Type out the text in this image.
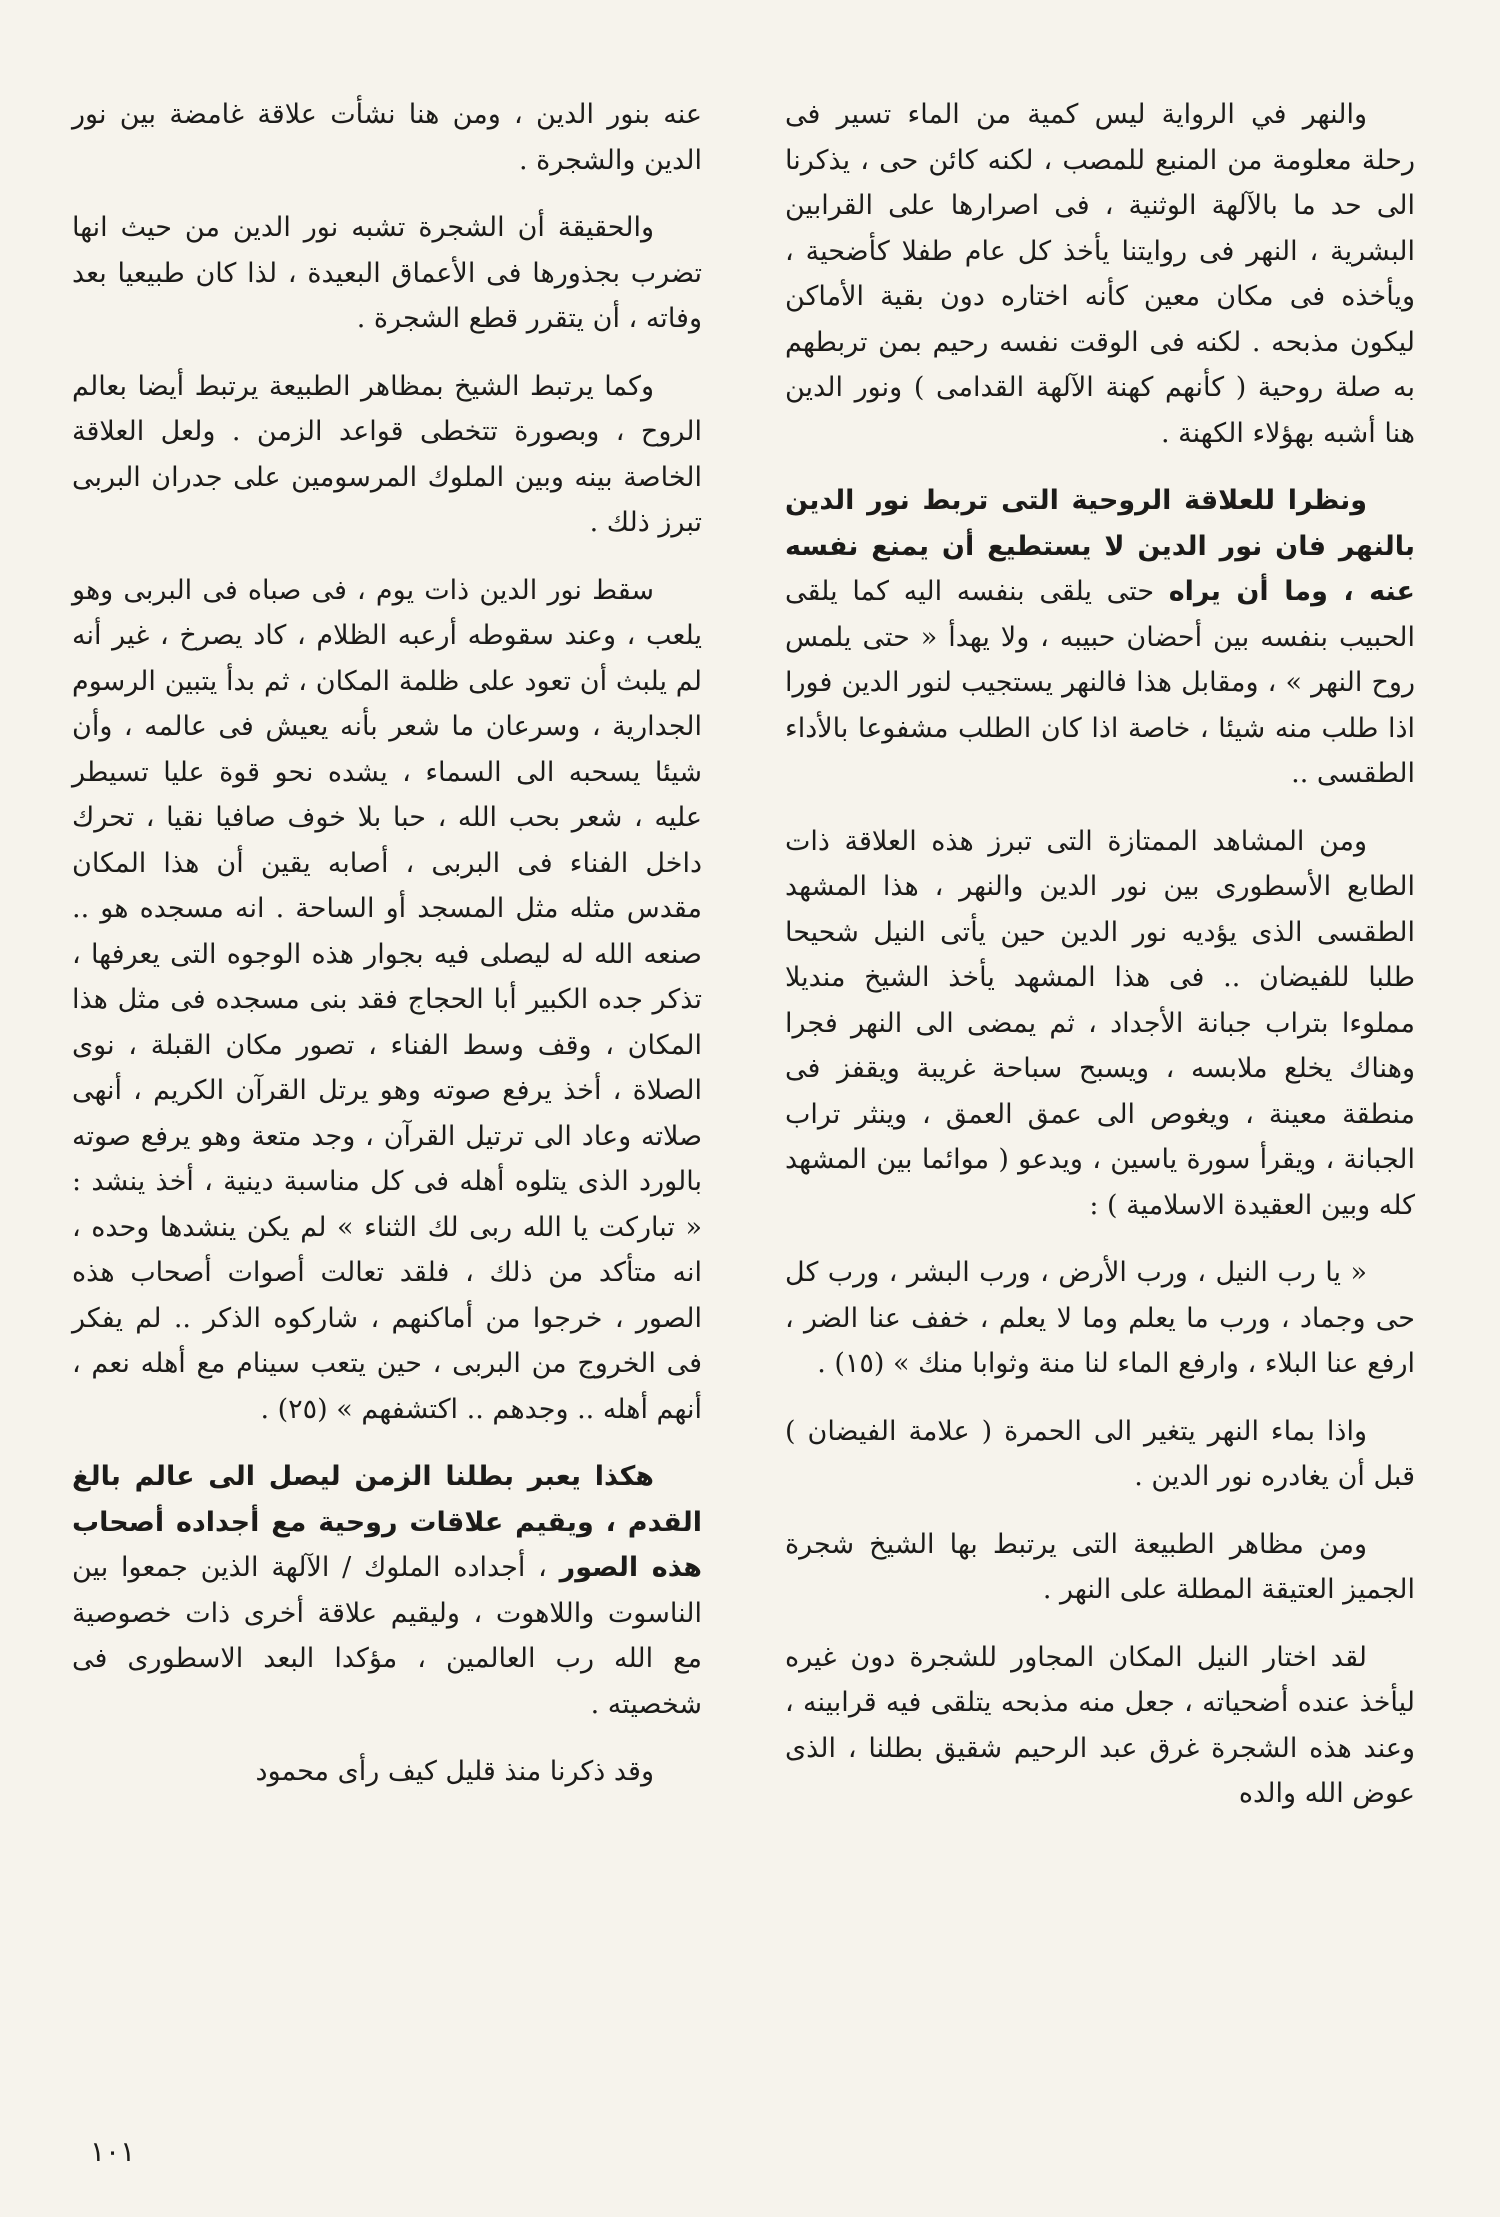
والنهر في الرواية ليس كمية من الماء تسير فى رحلة معلومة من المنبع للمصب ، لكنه كائن حى ، يذكرنا الى حد ما بالآلهة الوثنية ، فى اصرارها على القرابين البشرية ، النهر فى روايتنا يأخذ كل عام طفلا كأضحية ، ويأخذه فى مكان معين كأنه اختاره دون بقية الأماكن ليكون مذبحه . لكنه فى الوقت نفسه رحيم بمن تربطهم به صلة روحية ( كأنهم كهنة الآلهة القدامى ) ونور الدين هنا أشبه بهؤلاء الكهنة .

ونظرا للعلاقة الروحية التى تربط نور الدين بالنهر فان نور الدين لا يستطيع أن يمنع نفسه عنه ، وما أن يراه حتى يلقى بنفسه اليه كما يلقى الحبيب بنفسه بين أحضان حبيبه ، ولا يهدأ « حتى يلمس روح النهر » ، ومقابل هذا فالنهر يستجيب لنور الدين فورا اذا طلب منه شيئا ، خاصة اذا كان الطلب مشفوعا بالأداء الطقسى ..

ومن المشاهد الممتازة التى تبرز هذه العلاقة ذات الطابع الأسطورى بين نور الدين والنهر ، هذا المشهد الطقسى الذى يؤديه نور الدين حين يأتى النيل شحيحا طلبا للفيضان .. فى هذا المشهد يأخذ الشيخ منديلا مملوءا بتراب جبانة الأجداد ، ثم يمضى الى النهر فجرا وهناك يخلع ملابسه ، ويسبح سباحة غريبة ويقفز فى منطقة معينة ، ويغوص الى عمق العمق ، وينثر تراب الجبانة ، ويقرأ سورة ياسين ، ويدعو ( موائما بين المشهد كله وبين العقيدة الاسلامية ) :

« يا رب النيل ، ورب الأرض ، ورب البشر ، ورب كل حى وجماد ، ورب ما يعلم وما لا يعلم ، خفف عنا الضر ، ارفع عنا البلاء ، وارفع الماء لنا منة وثوابا منك » (١٥) .

واذا بماء النهر يتغير الى الحمرة ( علامة الفيضان ) قبل أن يغادره نور الدين .

ومن مظاهر الطبيعة التى يرتبط بها الشيخ شجرة الجميز العتيقة المطلة على النهر .

لقد اختار النيل المكان المجاور للشجرة دون غيره ليأخذ عنده أضحياته ، جعل منه مذبحه يتلقى فيه قرابينه ، وعند هذه الشجرة غرق عبد الرحيم شقيق بطلنا ، الذى عوض الله والده

عنه بنور الدين ، ومن هنا نشأت علاقة غامضة بين نور الدين والشجرة .

والحقيقة أن الشجرة تشبه نور الدين من حيث انها تضرب بجذورها فى الأعماق البعيدة ، لذا كان طبيعيا بعد وفاته ، أن يتقرر قطع الشجرة .

وكما يرتبط الشيخ بمظاهر الطبيعة يرتبط أيضا بعالم الروح ، وبصورة تتخطى قواعد الزمن . ولعل العلاقة الخاصة بينه وبين الملوك المرسومين على جدران البربى تبرز ذلك .

سقط نور الدين ذات يوم ، فى صباه فى البربى وهو يلعب ، وعند سقوطه أرعبه الظلام ، كاد يصرخ ، غير أنه لم يلبث أن تعود على ظلمة المكان ، ثم بدأ يتبين الرسوم الجدارية ، وسرعان ما شعر بأنه يعيش فى عالمه ، وأن شيئا يسحبه الى السماء ، يشده نحو قوة عليا تسيطر عليه ، شعر بحب الله ، حبا بلا خوف صافيا نقيا ، تحرك داخل الفناء فى البربى ، أصابه يقين أن هذا المكان مقدس مثله مثل المسجد أو الساحة . انه مسجده هو .. صنعه الله له ليصلى فيه بجوار هذه الوجوه التى يعرفها ، تذكر جده الكبير أبا الحجاج فقد بنى مسجده فى مثل هذا المكان ، وقف وسط الفناء ، تصور مكان القبلة ، نوى الصلاة ، أخذ يرفع صوته وهو يرتل القرآن الكريم ، أنهى صلاته وعاد الى ترتيل القرآن ، وجد متعة وهو يرفع صوته بالورد الذى يتلوه أهله فى كل مناسبة دينية ، أخذ ينشد : « تباركت يا الله ربى لك الثناء » لم يكن ينشدها وحده ، انه متأكد من ذلك ، فلقد تعالت أصوات أصحاب هذه الصور ، خرجوا من أماكنهم ، شاركوه الذكر .. لم يفكر فى الخروج من البربى ، حين يتعب سينام مع أهله نعم ، أنهم أهله .. وجدهم .. اكتشفهم » (٢٥) .

هكذا يعبر بطلنا الزمن ليصل الى عالم بالغ القدم ، ويقيم علاقات روحية مع أجداده أصحاب هذه الصور ، أجداده الملوك / الآلهة الذين جمعوا بين الناسوت واللاهوت ، وليقيم علاقة أخرى ذات خصوصية مع الله رب العالمين ، مؤكدا البعد الاسطورى فى شخصيته .

وقد ذكرنا منذ قليل كيف رأى محمود

١٠١
